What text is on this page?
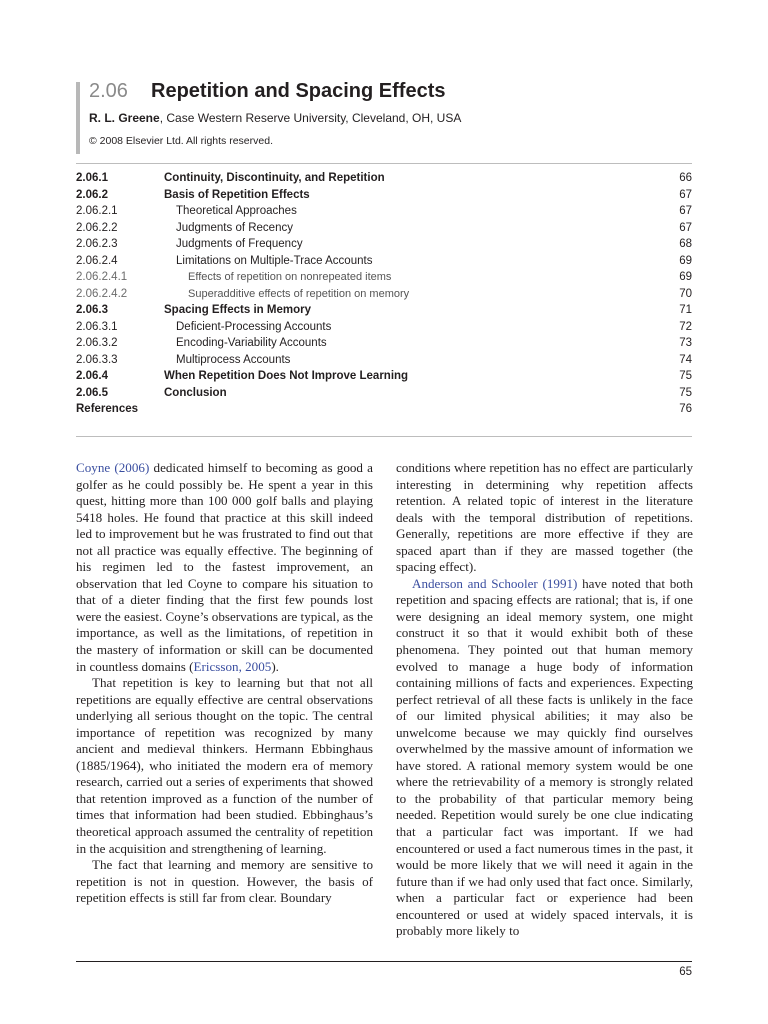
2.06 Repetition and Spacing Effects
R. L. Greene, Case Western Reserve University, Cleveland, OH, USA
© 2008 Elsevier Ltd. All rights reserved.
2.06.1	Continuity, Discontinuity, and Repetition	66
2.06.2	Basis of Repetition Effects	67
2.06.2.1	Theoretical Approaches	67
2.06.2.2	Judgments of Recency	67
2.06.2.3	Judgments of Frequency	68
2.06.2.4	Limitations on Multiple-Trace Accounts	69
2.06.2.4.1	Effects of repetition on nonrepeated items	69
2.06.2.4.2	Superadditive effects of repetition on memory	70
2.06.3	Spacing Effects in Memory	71
2.06.3.1	Deficient-Processing Accounts	72
2.06.3.2	Encoding-Variability Accounts	73
2.06.3.3	Multiprocess Accounts	74
2.06.4	When Repetition Does Not Improve Learning	75
2.06.5	Conclusion	75
References	76

Coyne (2006) dedicated himself to becoming as good a golfer as he could possibly be. He spent a year in this quest, hitting more than 100 000 golf balls and playing 5418 holes. He found that practice at this skill indeed led to improvement but he was frustrated to find out that not all practice was equally effective. The beginning of his regimen led to the fastest improvement, an observation that led Coyne to compare his situation to that of a dieter finding that the first few pounds lost were the easiest. Coyne’s observations are typical, as the importance, as well as the limitations, of repetition in the mastery of information or skill can be documented in countless domains (Ericsson, 2005).

That repetition is key to learning but that not all repetitions are equally effective are central observations underlying all serious thought on the topic. The central importance of repetition was recognized by many ancient and medieval thinkers. Hermann Ebbinghaus (1885/1964), who initiated the modern era of memory research, carried out a series of experiments that showed that retention improved as a function of the number of times that information had been studied. Ebbinghaus’s theoretical approach assumed the centrality of repetition in the acquisition and strengthening of learning.

The fact that learning and memory are sensitive to repetition is not in question. However, the basis of repetition effects is still far from clear. Boundary

conditions where repetition has no effect are particularly interesting in determining why repetition affects retention. A related topic of interest in the literature deals with the temporal distribution of repetitions. Generally, repetitions are more effective if they are spaced apart than if they are massed together (the spacing effect).

Anderson and Schooler (1991) have noted that both repetition and spacing effects are rational; that is, if one were designing an ideal memory system, one might construct it so that it would exhibit both of these phenomena. They pointed out that human memory evolved to manage a huge body of information containing millions of facts and experiences. Expecting perfect retrieval of all these facts is unlikely in the face of our limited physical abilities; it may also be unwelcome because we may quickly find ourselves overwhelmed by the massive amount of information we have stored. A rational memory system would be one where the retrievability of a memory is strongly related to the probability of that particular memory being needed. Repetition would surely be one clue indicating that a particular fact was important. If we had encountered or used a fact numerous times in the past, it would be more likely that we will need it again in the future than if we had only used that fact once. Similarly, when a particular fact or experience had been encountered or used at widely spaced intervals, it is probably more likely to

65
